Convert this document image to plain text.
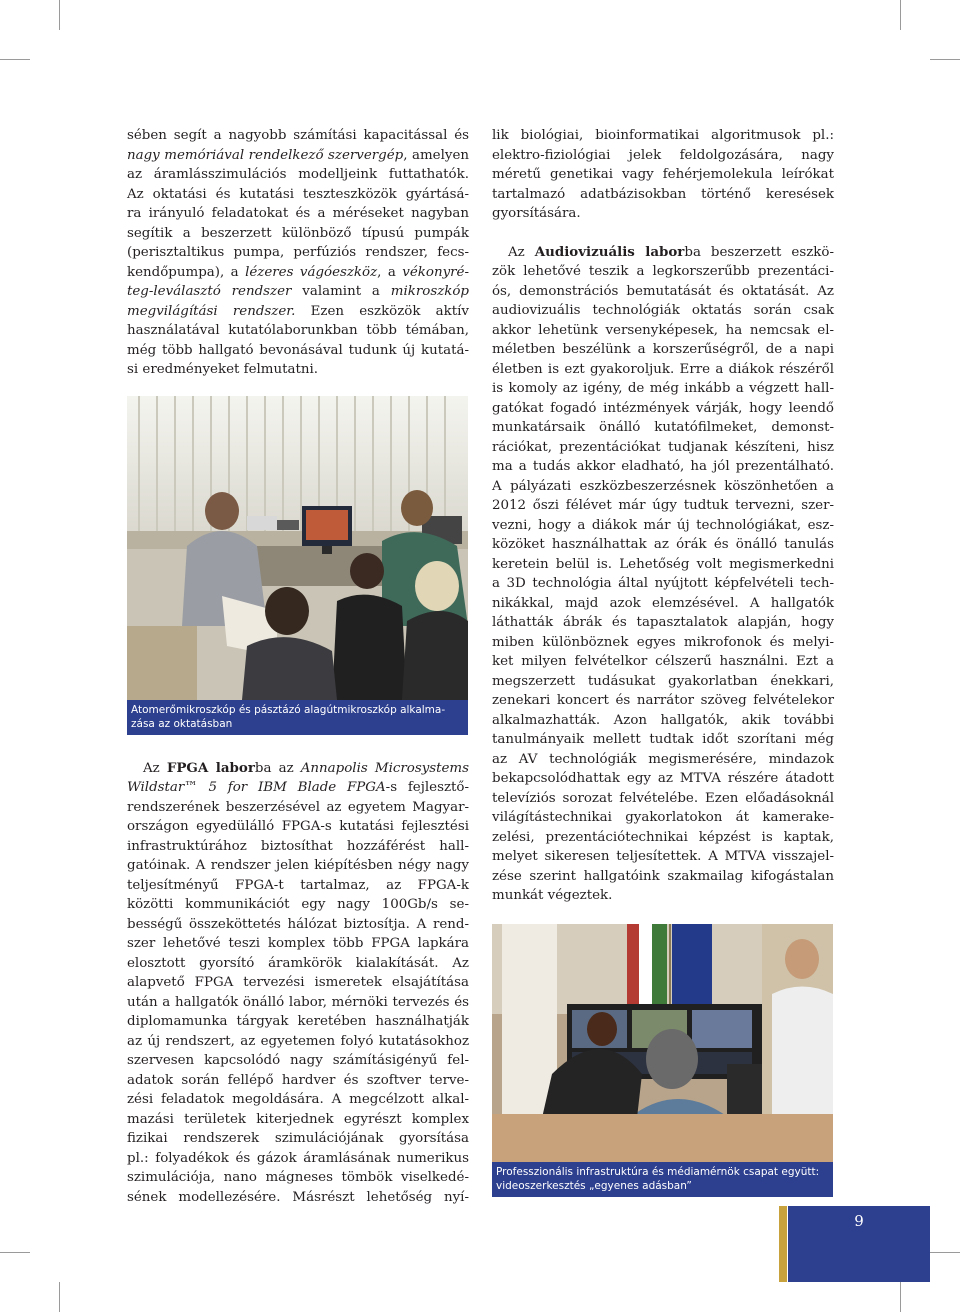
sében segít a nagyobb számítási kapacitással és

nagy memóriával rendelkező szervergép, amelyen

az áramlásszimulációs modelljeink futtathatók.

Az oktatási és kutatási teszteszközök gyártásá-

ra irányuló feladatokat és a méréseket nagyban

segítik a beszerzett különböző típusú pumpák

(perisztaltikus pumpa, perfúziós rendszer, fecs-

kendőpumpa), a lézeres vágóeszköz, a vékonyré-

teg-leválasztó rendszer valamint a mikroszkóp

megvilágítási rendszer. Ezen eszközök aktív

használatával kutatólaborunkban több témában,

még több hallgató bevonásával tudunk új kutatá-

si eredményeket felmutatni.

Atomerőmikroszkóp és pásztázó alagútmikroszkóp alkalma-zása az oktatásban

Az FPGA laborba az Annapolis Microsystems

Wildstar™ 5 for IBM Blade FPGA-s fejlesztő-

rendszerének beszerzésével az egyetem Magyar-

országon egyedülálló FPGA-s kutatási fejlesztési

infrastruktúrához biztosíthat hozzáférést hall-

gatóinak. A rendszer jelen kiépítésben négy nagy

teljesítményű FPGA-t tartalmaz, az FPGA-k

közötti kommunikációt egy nagy 100Gb/s se-

bességű összeköttetés hálózat biztosítja. A rend-

szer lehetővé teszi komplex több FPGA lapkára

elosztott gyorsító áramkörök kialakítását. Az

alapvető FPGA tervezési ismeretek elsajátítása

után a hallgatók önálló labor, mérnöki tervezés és

diplomamunka tárgyak keretében használhatják

az új rendszert, az egyetemen folyó kutatásokhoz

szervesen kapcsolódó nagy számításigényű fel-

adatok során fellépő hardver és szoftver terve-

zési feladatok megoldására. A megcélzott alkal-

mazási területek kiterjednek egyrészt komplex

fizikai rendszerek szimulációjának gyorsítása

pl.: folyadékok és gázok áramlásának numerikus

szimulációja, nano mágneses tömbök viselkedé-

sének modellezésére. Másrészt lehetőség nyí-

lik biológiai, bioinformatikai algoritmusok pl.:

elektro-fiziológiai jelek feldolgozására, nagy

méretű genetikai vagy fehérjemolekula leírókat

tartalmazó adatbázisokban történő keresések

gyorsítására.

Az Audiovizuális laborba beszerzett eszkö-

zök lehetővé teszik a legkorszerűbb prezentáci-

ós, demonstrációs bemutatását és oktatását. Az

audiovizuális technológiák oktatás során csak

akkor lehetünk versenyképesek, ha nemcsak el-

méletben beszélünk a korszerűségről, de a napi

életben is ezt gyakoroljuk. Erre a diákok részéről

is komoly az igény, de még inkább a végzett hall-

gatókat fogadó intézmények várják, hogy leendő

munkatársaik önálló kutatófilmeket, demonst-

rációkat, prezentációkat tudjanak készíteni, hisz

ma a tudás akkor eladható, ha jól prezentálható.

A pályázati eszközbeszerzésnek köszönhetően a

2012 őszi félévet már úgy tudtuk tervezni, szer-

vezni, hogy a diákok már új technológiákat, esz-

közöket használhattak az órák és önálló tanulás

keretein belül is. Lehetőség volt megismerkedni

a 3D technológia által nyújtott képfelvételi tech-

nikákkal, majd azok elemzésével. A hallgatók

láthatták ábrák és tapasztalatok alapján, hogy

miben különböznek egyes mikrofonok és melyi-

ket milyen felvételkor célszerű használni. Ezt a

megszerzett tudásukat gyakorlatban énekkari,

zenekari koncert és narrátor szöveg felvételekor

alkalmazhatták. Azon hallgatók, akik további

tanulmányaik mellett tudtak időt szorítani még

az AV technológiák megismerésére, mindazok

bekapcsolódhattak egy az MTVA részére átadott

televíziós sorozat felvételébe. Ezen előadásoknál

világítástechnikai gyakorlatokon át kamerake-

zelési, prezentációtechnikai képzést is kaptak,

melyet sikeresen teljesítettek. A MTVA visszajel-

zése szerint hallgatóink szakmailag kifogástalan

munkát végeztek.

Professzionális infrastruktúra és médiamérnök csapat együtt:
videoszerkesztés „egyenes adásban”
9
